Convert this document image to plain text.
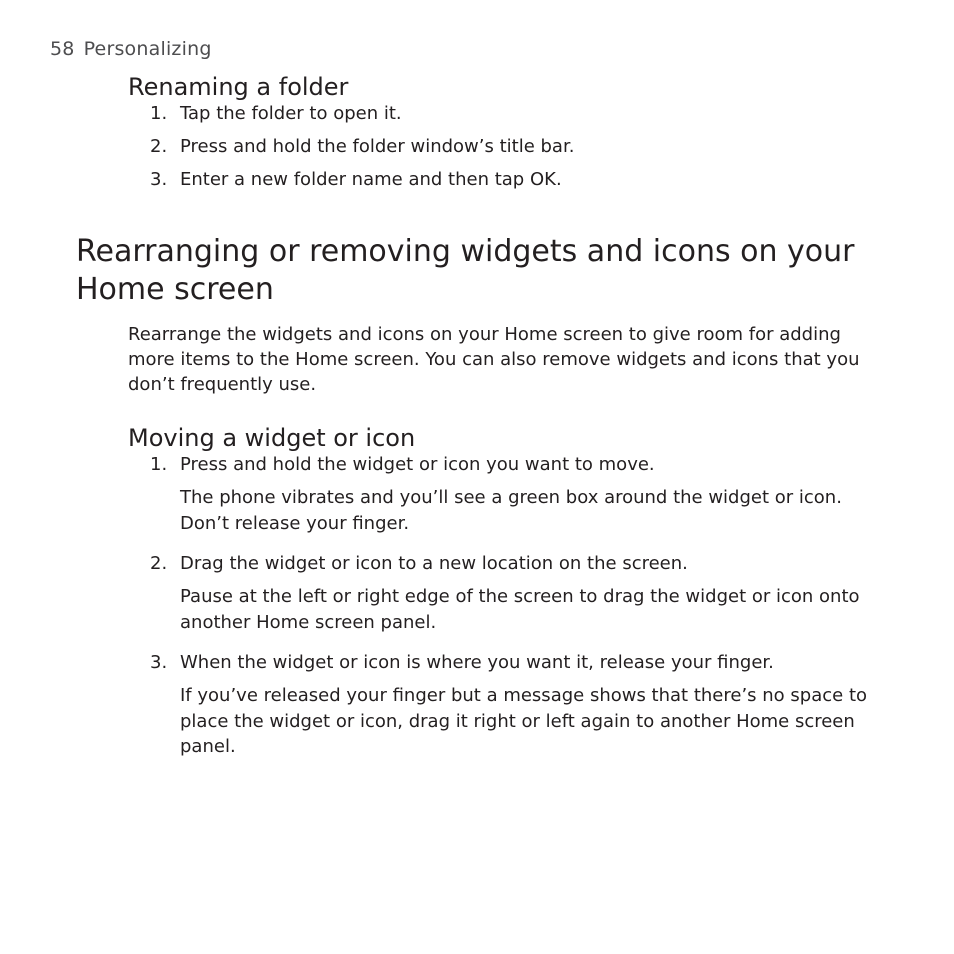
58 Personalizing
Renaming a folder
1. Tap the folder to open it.
2. Press and hold the folder window’s title bar.
3. Enter a new folder name and then tap OK.
Rearranging or removing widgets and icons on your Home screen

Rearrange the widgets and icons on your Home screen to give room for adding more items to the Home screen. You can also remove widgets and icons that you don’t frequently use.

Moving a widget or icon
1. Press and hold the widget or icon you want to move.

The phone vibrates and you’ll see a green box around the widget or icon. Don’t release your finger.

2. Drag the widget or icon to a new location on the screen.

Pause at the left or right edge of the screen to drag the widget or icon onto another Home screen panel.

3. When the widget or icon is where you want it, release your finger.

If you’ve released your finger but a message shows that there’s no space to place the widget or icon, drag it right or left again to another Home screen panel.
